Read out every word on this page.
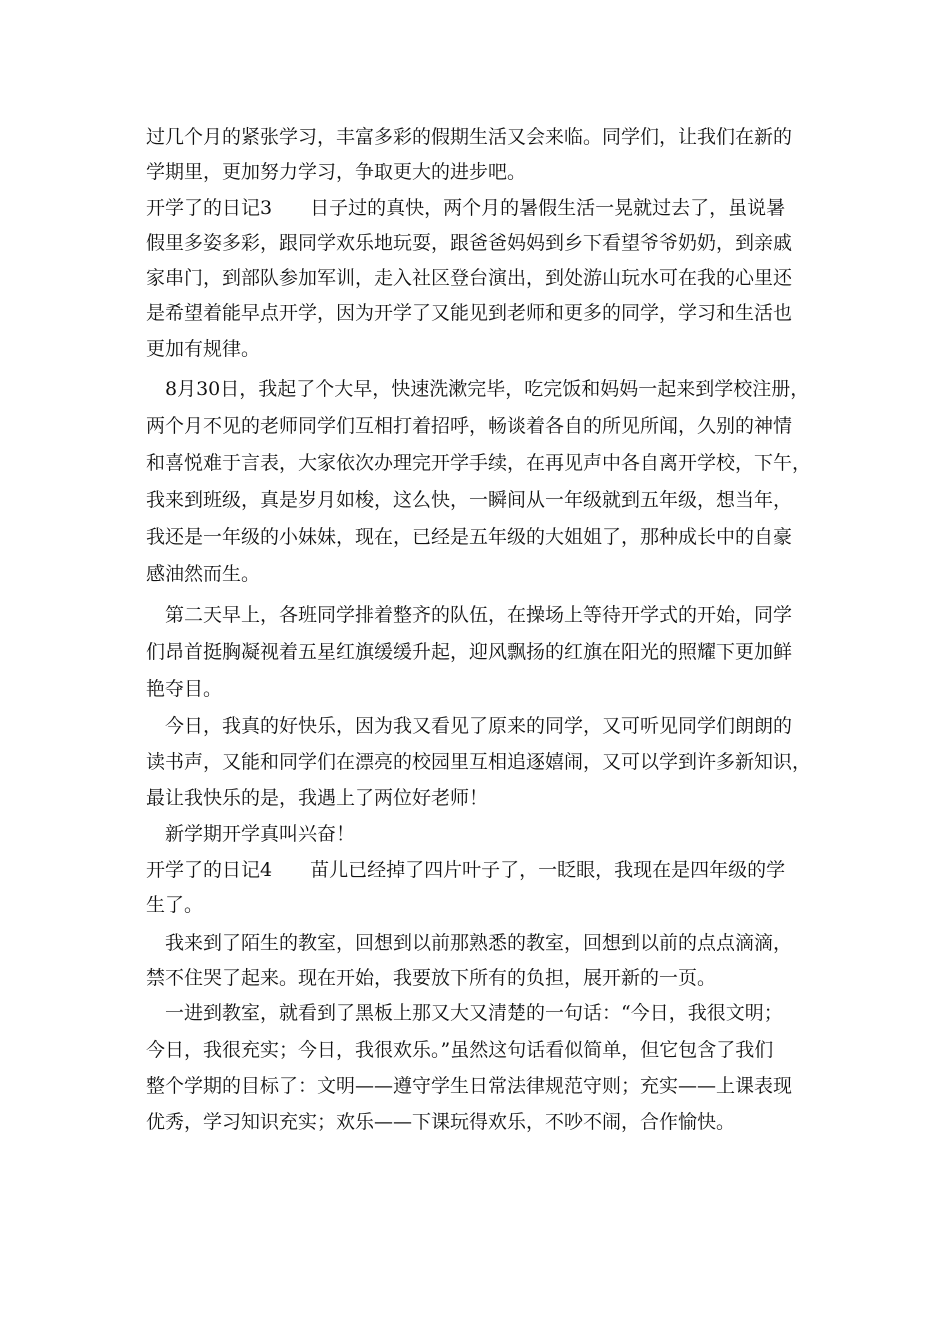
过几个月的紧张学习，丰富多彩的假期生活又会来临。同学们，让我们在新的
学期里，更加努力学习，争取更大的进步吧。
开学了的日记3　　日子过的真快，两个月的暑假生活一晃就过去了，虽说暑
假里多姿多彩，跟同学欢乐地玩耍，跟爸爸妈妈到乡下看望爷爷奶奶，到亲戚
家串门，到部队参加军训，走入社区登台演出，到处游山玩水可在我的心里还
是希望着能早点开学，因为开学了又能见到老师和更多的同学，学习和生活也
更加有规律。
　8月30日，我起了个大早，快速洗漱完毕，吃完饭和妈妈一起来到学校注册，
两个月不见的老师同学们互相打着招呼，畅谈着各自的所见所闻，久别的神情
和喜悦难于言表，大家依次办理完开学手续，在再见声中各自离开学校，下午，
我来到班级，真是岁月如梭，这么快，一瞬间从一年级就到五年级，想当年，
我还是一年级的小妹妹，现在，已经是五年级的大姐姐了，那种成长中的自豪
感油然而生。
　第二天早上，各班同学排着整齐的队伍，在操场上等待开学式的开始，同学
们昂首挺胸凝视着五星红旗缓缓升起，迎风飘扬的红旗在阳光的照耀下更加鲜
艳夺目。
　今日，我真的好快乐，因为我又看见了原来的同学，又可听见同学们朗朗的
读书声，又能和同学们在漂亮的校园里互相追逐嬉闹，又可以学到许多新知识，
最让我快乐的是，我遇上了两位好老师！
　新学期开学真叫兴奋！
开学了的日记4　　苗儿已经掉了四片叶子了，一眨眼，我现在是四年级的学
生了。
　我来到了陌生的教室，回想到以前那熟悉的教室，回想到以前的点点滴滴，
禁不住哭了起来。现在开始，我要放下所有的负担，展开新的一页。
　一进到教室，就看到了黑板上那又大又清楚的一句话：“今日，我很文明；
今日，我很充实；今日，我很欢乐。”虽然这句话看似简单，但它包含了我们
整个学期的目标了：文明——遵守学生日常法律规范守则；充实——上课表现
优秀，学习知识充实；欢乐——下课玩得欢乐，不吵不闹，合作愉快。
